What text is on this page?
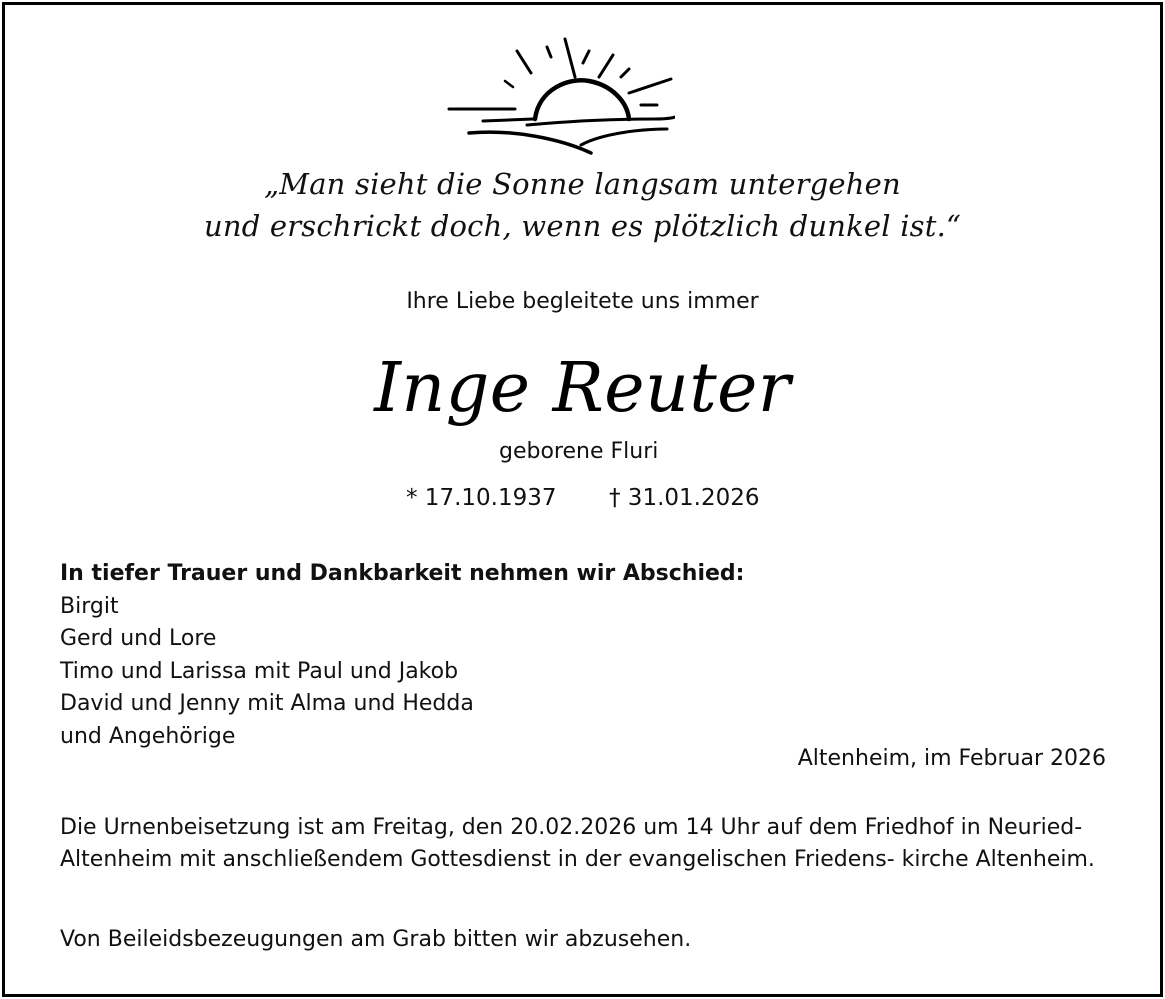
„Man sieht die Sonne langsam untergehen
und erschrickt doch, wenn es plötzlich dunkel ist.“
Ihre Liebe begleitete uns immer
Inge Reuter
geborene Fluri
* 17.10.1937 † 31.01.2026
In tiefer Trauer und Dankbarkeit nehmen wir Abschied:
Birgit
Gerd und Lore
Timo und Larissa mit Paul und Jakob
David und Jenny mit Alma und Hedda
und Angehörige
Altenheim, im Februar 2026
Die Urnenbeisetzung ist am Freitag, den 20.02.2026 um 14 Uhr auf dem Friedhof in Neuried-Altenheim mit anschließendem Gottesdienst in der evangelischen Friedens- kirche Altenheim.
Von Beileidsbezeugungen am Grab bitten wir abzusehen.
